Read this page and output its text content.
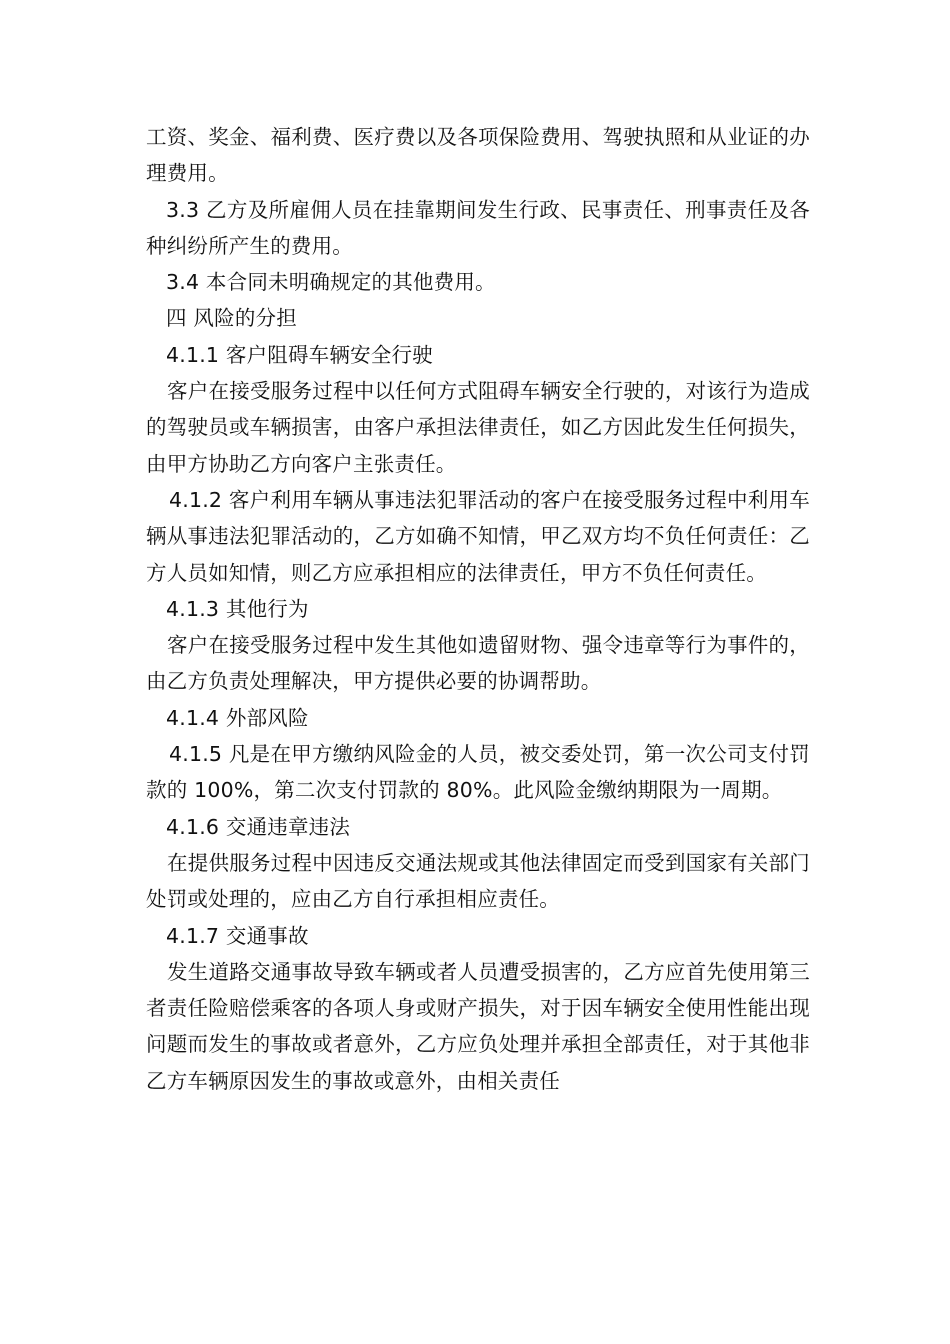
工资、奖金、福利费、医疗费以及各项保险费用、驾驶执照和从业证的办理费用。

3.3 乙方及所雇佣人员在挂靠期间发生行政、民事责任、刑事责任及各种纠纷所产生的费用。

3.4 本合同未明确规定的其他费用。

四 风险的分担

4.1.1 客户阻碍车辆安全行驶

客户在接受服务过程中以任何方式阻碍车辆安全行驶的，对该行为造成的驾驶员或车辆损害，由客户承担法律责任，如乙方因此发生任何损失，由甲方协助乙方向客户主张责任。

4.1.2 客户利用车辆从事违法犯罪活动的客户在接受服务过程中利用车辆从事违法犯罪活动的，乙方如确不知情，甲乙双方均不负任何责任：乙方人员如知情，则乙方应承担相应的法律责任，甲方不负任何责任。

4.1.3 其他行为

客户在接受服务过程中发生其他如遗留财物、强令违章等行为事件的，由乙方负责处理解决，甲方提供必要的协调帮助。

4.1.4 外部风险

4.1.5 凡是在甲方缴纳风险金的人员，被交委处罚，第一次公司支付罚款的 100%，第二次支付罚款的 80%。此风险金缴纳期限为一周期。

4.1.6 交通违章违法

在提供服务过程中因违反交通法规或其他法律固定而受到国家有关部门处罚或处理的，应由乙方自行承担相应责任。

4.1.7 交通事故

发生道路交通事故导致车辆或者人员遭受损害的，乙方应首先使用第三者责任险赔偿乘客的各项人身或财产损失，对于因车辆安全使用性能出现问题而发生的事故或者意外，乙方应负处理并承担全部责任，对于其他非乙方车辆原因发生的事故或意外，由相关责任
